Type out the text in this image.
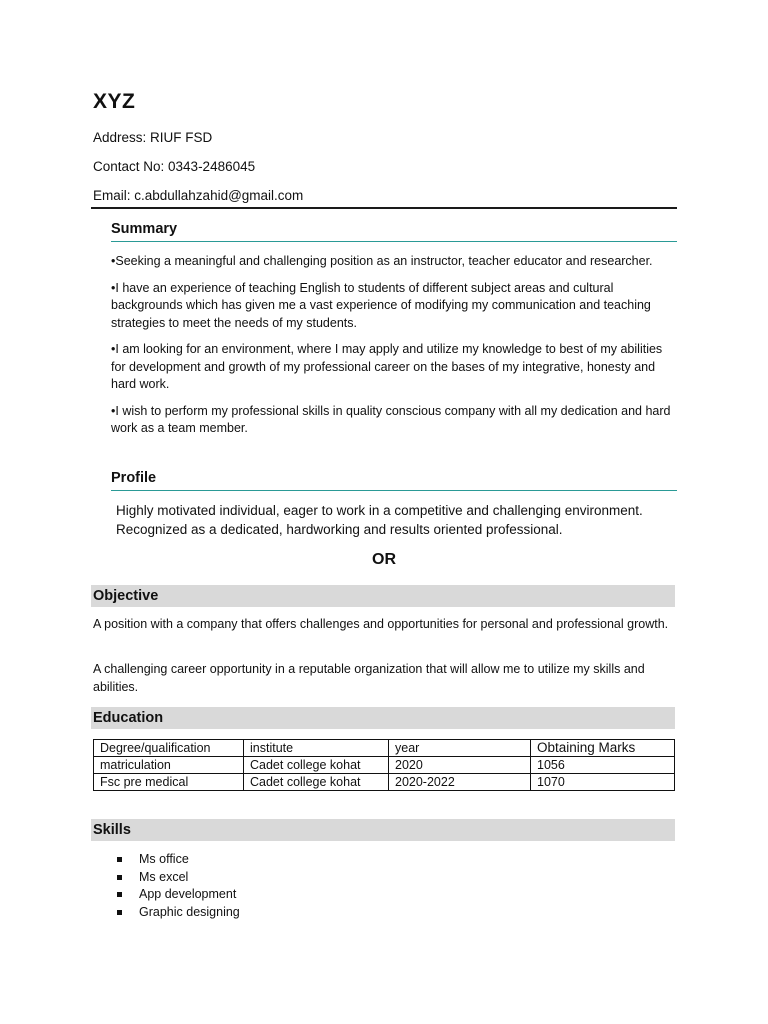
XYZ

Address: RIUF FSD

Contact No: 0343-2486045

Email: c.abdullahzahid@gmail.com

Summary
•Seeking a meaningful and challenging position as an instructor, teacher educator and researcher.
•I have an experience of teaching English to students of different subject areas and cultural backgrounds which has given me a vast experience of modifying my communication and teaching strategies to meet the needs of my students.
•I am looking for an environment, where I may apply and utilize my knowledge to best of my abilities for development and growth of my professional career on the bases of my integrative, honesty and hard work.
•I wish to perform my professional skills in quality conscious company with all my dedication and hard work as a team member.
Profile

Highly motivated individual, eager to work in a competitive and challenging environment. Recognized as a dedicated, hardworking and results oriented professional.

OR

Objective

A position with a company that offers challenges and opportunities for personal and professional growth.

A challenging career opportunity in a reputable organization that will allow me to utilize my skills and abilities.

Education
Degree/qualification	institute	year	Obtaining Marks
matriculation	Cadet college kohat	2020	1056
Fsc pre medical	Cadet college kohat	2020-2022	1070
Skills
Ms office
Ms excel
App development
Graphic designing
